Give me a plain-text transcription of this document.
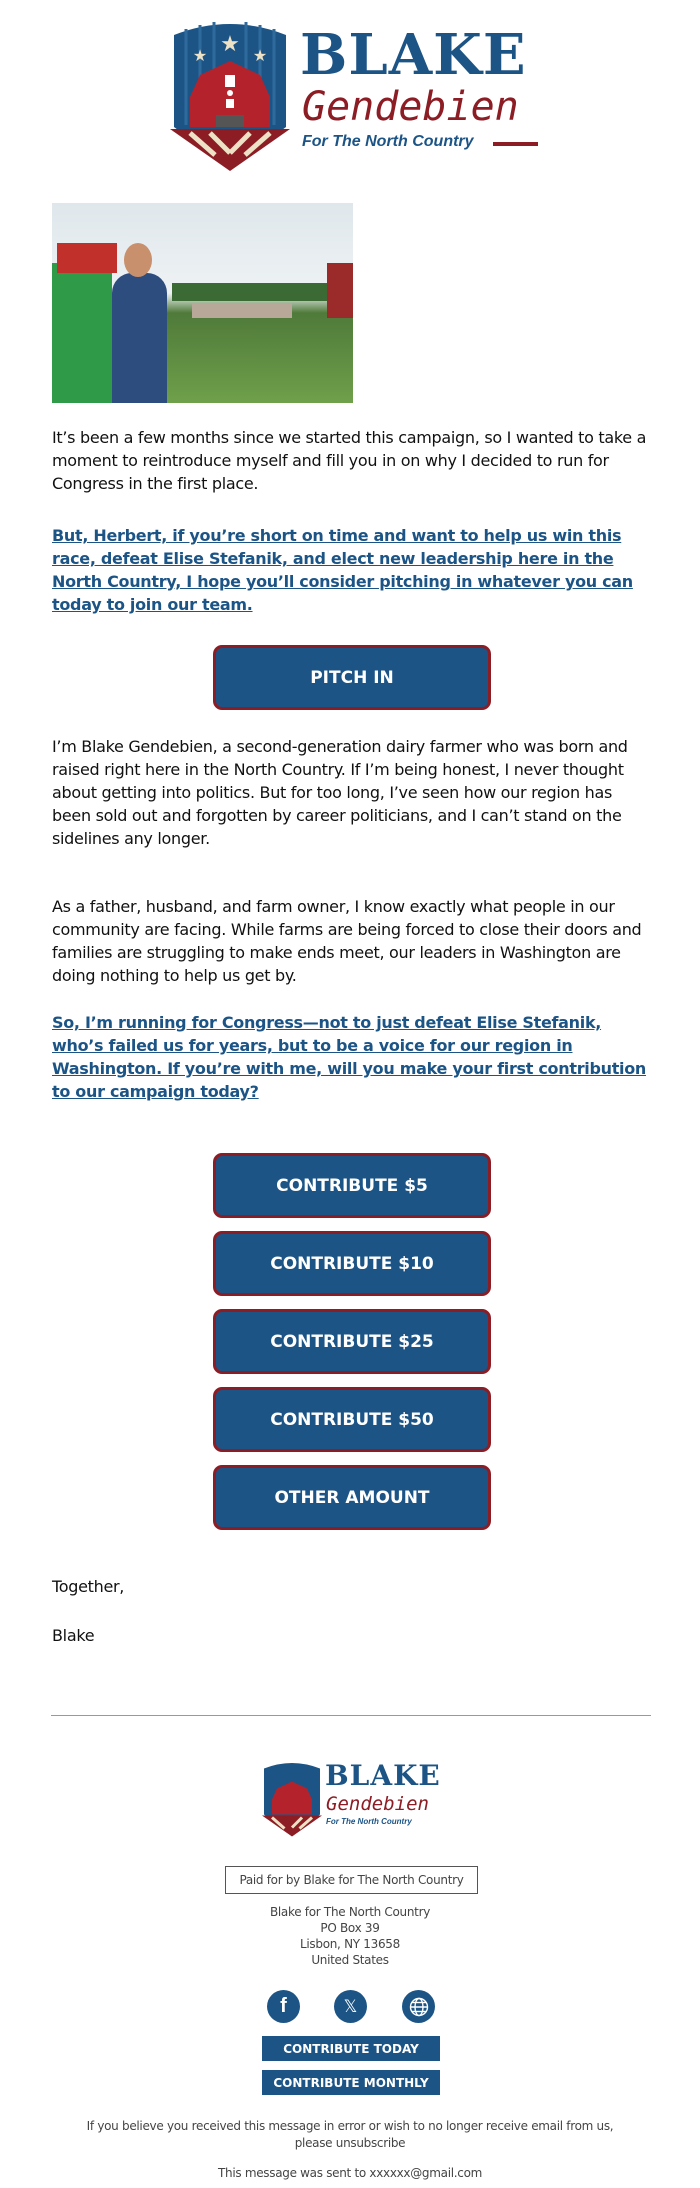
★
★	★ BLAKE
Gendebien
For The North Country
It’s been a few months since we started this campaign, so I wanted to take a moment to reintroduce myself and fill you in on why I decided to run for Congress in the first place.
But, Herbert, if you’re short on time and want to help us win this race, defeat Elise Stefanik, and elect new leadership here in the North Country, I hope you’ll consider pitching in whatever you can today to join our team.
PITCH IN
I’m Blake Gendebien, a second-generation dairy farmer who was born and raised right here in the North Country. If I’m being honest, I never thought about getting into politics. But for too long, I’ve seen how our region has been sold out and forgotten by career politicians, and I can’t stand on the sidelines any longer.
As a father, husband, and farm owner, I know exactly what people in our community are facing. While farms are being forced to close their doors and families are struggling to make ends meet, our leaders in Washington are doing nothing to help us get by.
So, I’m running for Congress—not to just defeat Elise Stefanik, who’s failed us for years, but to be a voice for our region in Washington. If you’re with me, will you make your first contribution to our campaign today?
CONTRIBUTE $5
CONTRIBUTE $10
CONTRIBUTE $25
CONTRIBUTE $50
OTHER AMOUNT
Together,
Blake
BLAKE
Gendebien
For The North Country
Paid for by Blake for The North Country
Blake for The North Country
PO Box 39
Lisbon, NY 13658
United States
f	𝕏
CONTRIBUTE TODAY
CONTRIBUTE MONTHLY
If you believe you received this message in error or wish to no longer receive email from us, please unsubscribe
This message was sent to xxxxxx@gmail.com
